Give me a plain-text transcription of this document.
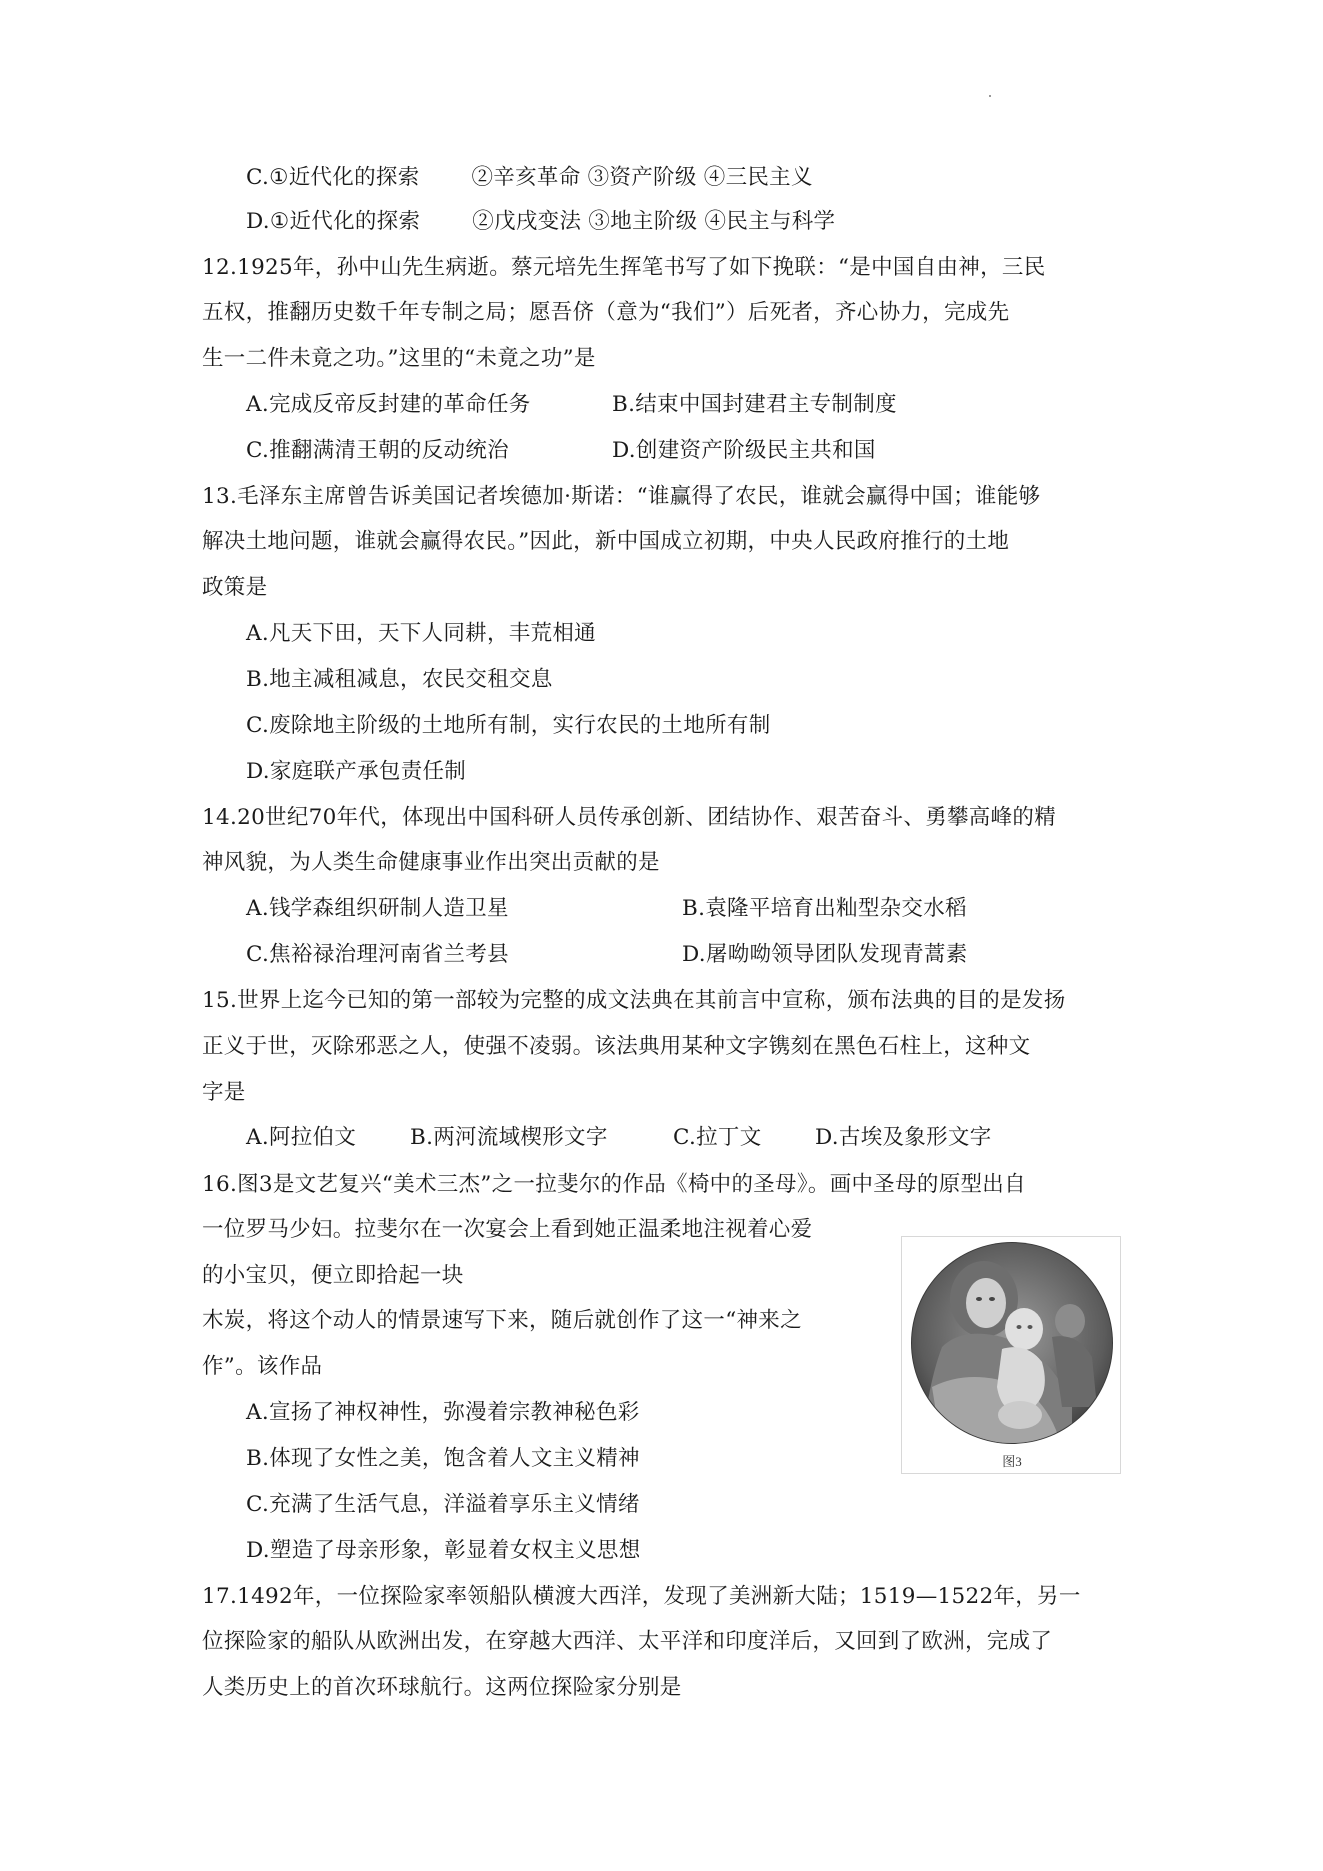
C.①近代化的探索 ②辛亥革命 ③资产阶级 ④三民主义
D.①近代化的探索 ②戊戌变法 ③地主阶级 ④民主与科学
12.1925年，孙中山先生病逝。蔡元培先生挥笔书写了如下挽联：“是中国自由神，三民
五权，推翻历史数千年专制之局；愿吾侪（意为“我们”）后死者，齐心协力，完成先
生一二件未竟之功。”这里的“未竟之功”是
A.完成反帝反封建的革命任务	B.结束中国封建君主专制制度
C.推翻满清王朝的反动统治	D.创建资产阶级民主共和国
13.毛泽东主席曾告诉美国记者埃德加·斯诺：“谁赢得了农民，谁就会赢得中国；谁能够
解决土地问题，谁就会赢得农民。”因此，新中国成立初期，中央人民政府推行的土地
政策是
A.凡天下田，天下人同耕，丰荒相通
B.地主减租减息，农民交租交息
C.废除地主阶级的土地所有制，实行农民的土地所有制
D.家庭联产承包责任制
14.20世纪70年代，体现出中国科研人员传承创新、团结协作、艰苦奋斗、勇攀高峰的精
神风貌，为人类生命健康事业作出突出贡献的是
A.钱学森组织研制人造卫星	B.袁隆平培育出籼型杂交水稻
C.焦裕禄治理河南省兰考县	D.屠呦呦领导团队发现青蒿素
15.世界上迄今已知的第一部较为完整的成文法典在其前言中宣称，颁布法典的目的是发扬
正义于世，灭除邪恶之人，使强不凌弱。该法典用某种文字镌刻在黑色石柱上，这种文
字是
A.阿拉伯文	B.两河流域楔形文字	C.拉丁文 D.古埃及象形文字
16.图3是文艺复兴“美术三杰”之一拉斐尔的作品《椅中的圣母》。画中圣母的原型出自
一位罗马少妇。拉斐尔在一次宴会上看到她正温柔地注视着心爱
的小宝贝，便立即拾起一块
木炭，将这个动人的情景速写下来，随后就创作了这一“神来之
作”。该作品
A.宣扬了神权神性，弥漫着宗教神秘色彩
B.体现了女性之美，饱含着人文主义精神
C.充满了生活气息，洋溢着享乐主义情绪
D.塑造了母亲形象，彰显着女权主义思想
图3
17.1492年，一位探险家率领船队横渡大西洋，发现了美洲新大陆；1519—1522年，另一
位探险家的船队从欧洲出发，在穿越大西洋、太平洋和印度洋后，又回到了欧洲，完成了
人类历史上的首次环球航行。这两位探险家分别是
